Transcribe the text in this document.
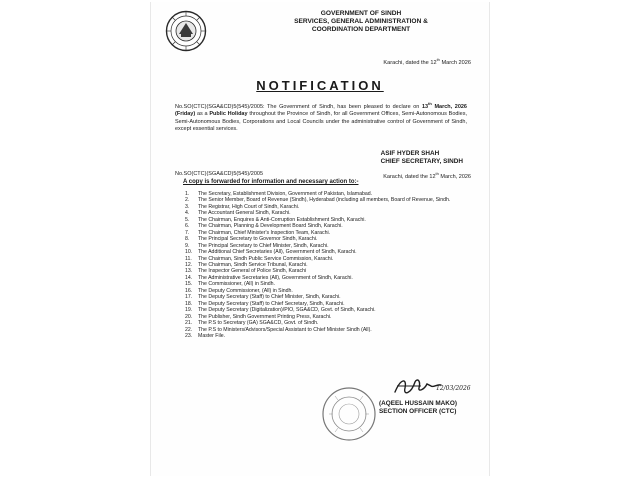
GOVERNMENT OF SINDH
SERVICES, GENERAL ADMINISTRATION &
COORDINATION DEPARTMENT
Karachi, dated the 12th March 2026
NOTIFICATION
No.SO(CTC)(SGA&CD)5(545)/2005: The Government of Sindh, has been pleased to declare on 13th March, 2026 (Friday) as a Public Holiday throughout the Province of Sindh, for all Government Offices, Semi-Autonomous Bodies, Semi-Autonomous Bodies, Corporations and Local Councils under the administrative control of Government of Sindh, except essential services.
ASIF HYDER SHAH
CHIEF SECRETARY, SINDH
No.SO(CTC)(SGA&CD)5(545)/2005	Karachi, dated the 12th March, 2026
A copy is forwarded for information and necessary action to:-
1.	The Secretary, Establishment Division, Government of Pakistan, Islamabad.
2.	The Senior Member, Board of Revenue (Sindh), Hyderabad (including all members, Board of Revenue, Sindh.
3.	The Registrar, High Court of Sindh, Karachi.
4.	The Accountant General Sindh, Karachi.
5.	The Chairman, Enquires & Anti-Corruption Establishment Sindh, Karachi.
6.	The Chairman, Planning & Development Board Sindh, Karachi.
7.	The Chairman, Chief Minister's Inspection Team, Karachi.
8.	The Principal Secretary to Governor Sindh, Karachi.
9.	The Principal Secretary to Chief Minister, Sindh, Karachi.
10.	The Additional Chief Secretaries (All), Government of Sindh, Karachi.
11.	The Chairman, Sindh Public Service Commission, Karachi.
12.	The Chairman, Sindh Service Tribunal, Karachi.
13.	The Inspector General of Police Sindh, Karachi
14.	The Administrative Secretaries (All), Government of Sindh, Karachi.
15.	The Commissioner, (All) in Sindh.
16.	The Deputy Commissioner, (All) in Sindh.
17.	The Deputy Secretary (Staff) to Chief Minister, Sindh, Karachi.
18.	The Deputy Secretary (Staff) to Chief Secretary, Sindh, Karachi.
19.	The Deputy Secretary (Digitalization)/PIO, SGA&CD, Govt. of Sindh, Karachi.
20.	The Publisher, Sindh Government Printing Press, Karachi.
21.	The P.S to Secretary (GA) SGA&CD, Govt. of Sindh.
22.	The P.S to Ministers/Advisors/Special Assistant to Chief Minister Sindh (All).
23.	Master File.
12/03/2026
(AQEEL HUSSAIN MAKO)
SECTION OFFICER (CTC)
